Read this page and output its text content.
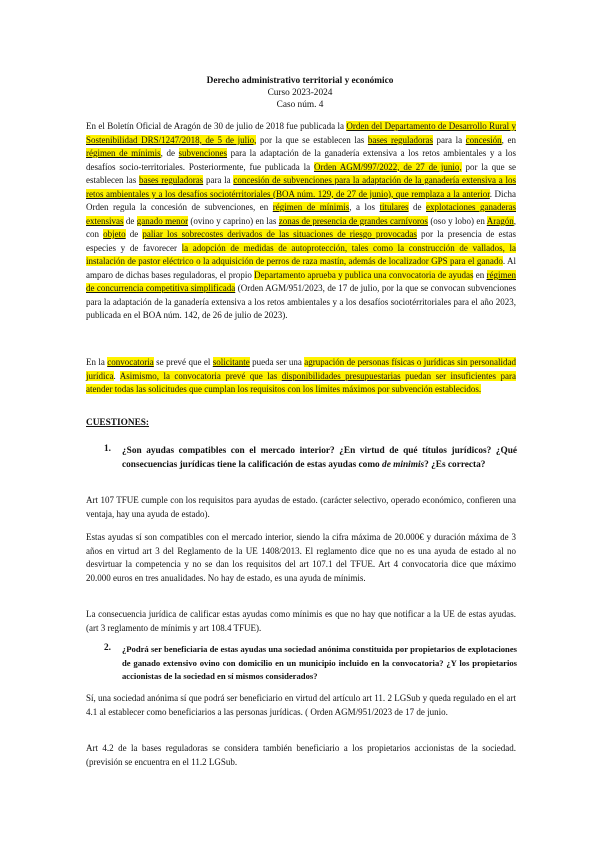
Derecho administrativo territorial y económico
Curso 2023-2024
Caso núm. 4
En el Boletín Oficial de Aragón de 30 de julio de 2018 fue publicada la Orden del Departamento de Desarrollo Rural y Sostenibilidad DRS/1247/2018, de 5 de julio, por la que se establecen las bases reguladoras para la concesión, en régimen de mínimis, de subvenciones para la adaptación de la ganadería extensiva a los retos ambientales y a los desafíos socio-territoriales. Posteriormente, fue publicada la Orden AGM/997/2022, de 27 de junio, por la que se establecen las bases reguladoras para la concesión de subvenciones para la adaptación de la ganadería extensiva a los retos ambientales y a los desafíos sociotérritoriales (BOA núm. 129, de 27 de junio), que remplaza a la anterior. Dicha Orden regula la concesión de subvenciones, en régimen de mínimis, a los titulares de explotaciones ganaderas extensivas de ganado menor (ovino y caprino) en las zonas de presencia de grandes carnívoros (oso y lobo) en Aragón, con objeto de paliar los sobrecostes derivados de las situaciones de riesgo provocadas por la presencia de estas especies y de favorecer la adopción de medidas de autoprotección, tales como la construcción de vallados, la instalación de pastor eléctrico o la adquisición de perros de raza mastín, además de localizador GPS para el ganado. Al amparo de dichas bases reguladoras, el propio Departamento aprueba y publica una convocatoria de ayudas en régimen de concurrencia competitiva simplificada (Orden AGM/951/2023, de 17 de julio, por la que se convocan subvenciones para la adaptación de la ganadería extensiva a los retos ambientales y a los desafíos sociotérritoriales para el año 2023, publicada en el BOA núm. 142, de 26 de julio de 2023).
En la convocatoria se prevé que el solicitante pueda ser una agrupación de personas físicas o jurídicas sin personalidad jurídica. Asimismo, la convocatoria prevé que las disponibilidades presupuestarias puedan ser insuficientes para atender todas las solicitudes que cumplan los requisitos con los límites máximos por subvención establecidos.
CUESTIONES:
1. ¿Son ayudas compatibles con el mercado interior? ¿En virtud de qué títulos jurídicos? ¿Qué consecuencias jurídicas tiene la calificación de estas ayudas como de minimis? ¿Es correcta?
Art 107 TFUE cumple con los requisitos para ayudas de estado. (carácter selectivo, operado económico, confieren una ventaja, hay una ayuda de estado).
Estas ayudas sí son compatibles con el mercado interior, siendo la cifra máxima de 20.000€ y duración máxima de 3 años en virtud art 3 del Reglamento de la UE 1408/2013. El reglamento dice que no es una ayuda de estado al no desvirtuar la competencia y no se dan los requisitos del art 107.1 del TFUE. Art 4 convocatoria dice que máximo 20.000 euros en tres anualidades. No hay de estado, es una ayuda de mínimis.
La consecuencia jurídica de calificar estas ayudas como mínimis es que no hay que notificar a la UE de estas ayudas. (art 3 reglamento de mínimis y art 108.4 TFUE).
2. ¿Podrá ser beneficiaria de estas ayudas una sociedad anónima constituida por propietarios de explotaciones de ganado extensivo ovino con domicilio en un municipio incluido en la convocatoria? ¿Y los propietarios accionistas de la sociedad en sí mismos considerados?
Sí, una sociedad anónima sí que podrá ser beneficiario en virtud del artículo art 11. 2 LGSub y queda regulado en el art 4.1 al establecer como beneficiarios a las personas jurídicas. ( Orden AGM/951/2023 de 17 de junio.
Art 4.2 de la bases reguladoras se considera también beneficiario a los propietarios accionistas de la sociedad. (previsión se encuentra en el 11.2 LGSub.
